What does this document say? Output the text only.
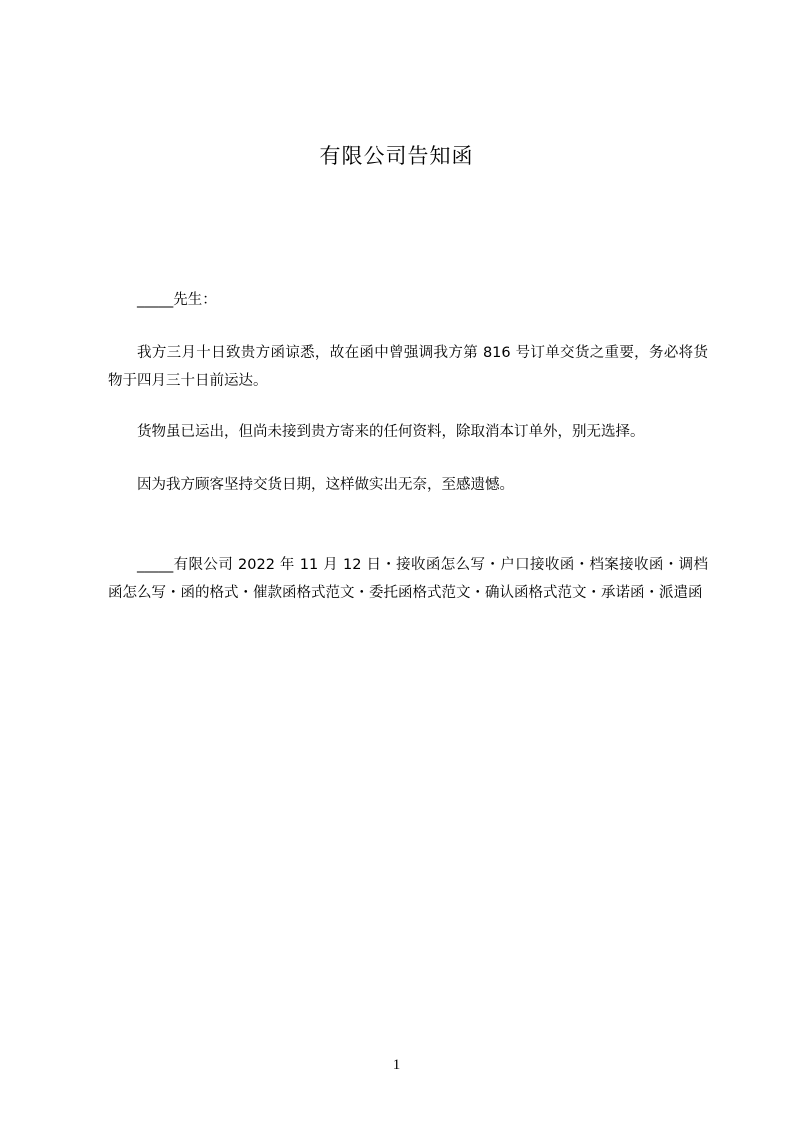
有限公司告知函
_____先生：

我方三月十日致贵方函谅悉，故在函中曾强调我方第 816 号订单交货之重要，务必将货物于四月三十日前运达。

货物虽已运出，但尚未接到贵方寄来的任何资料，除取消本订单外，别无选择。

因为我方顾客坚持交货日期，这样做实出无奈，至感遗憾。

_____有限公司 2022 年 11 月 12 日・接收函怎么写・户口接收函・档案接收函・调档函怎么写・函的格式・催款函格式范文・委托函格式范文・确认函格式范文・承诺函・派遣函

1
